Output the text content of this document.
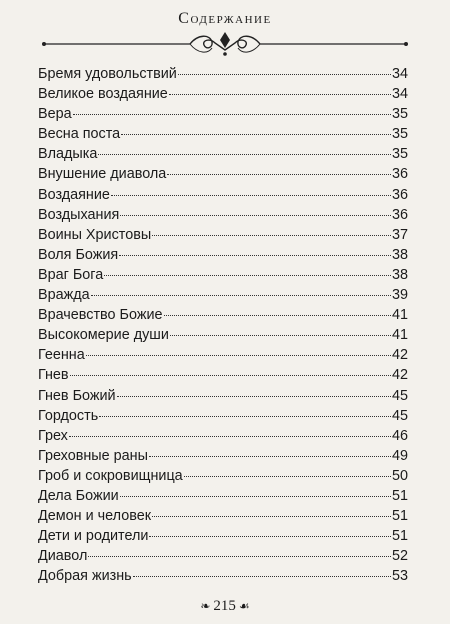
Содержание
Бремя удовольствий	34
Великое воздаяние	34
Вера	35
Весна поста	35
Владыка	35
Внушение диавола	36
Воздаяние	36
Воздыхания	36
Воины Христовы	37
Воля Божия	38
Враг Бога	38
Вражда	39
Врачевство Божие	41
Высокомерие души	41
Геенна	42
Гнев	42
Гнев Божий	45
Гордость	45
Грех	46
Греховные раны	49
Гроб и сокровищница	50
Дела Божии	51
Демон и человек	51
Дети и родители	51
Диавол	52
Добрая жизнь	53
❧ 215 ☙
